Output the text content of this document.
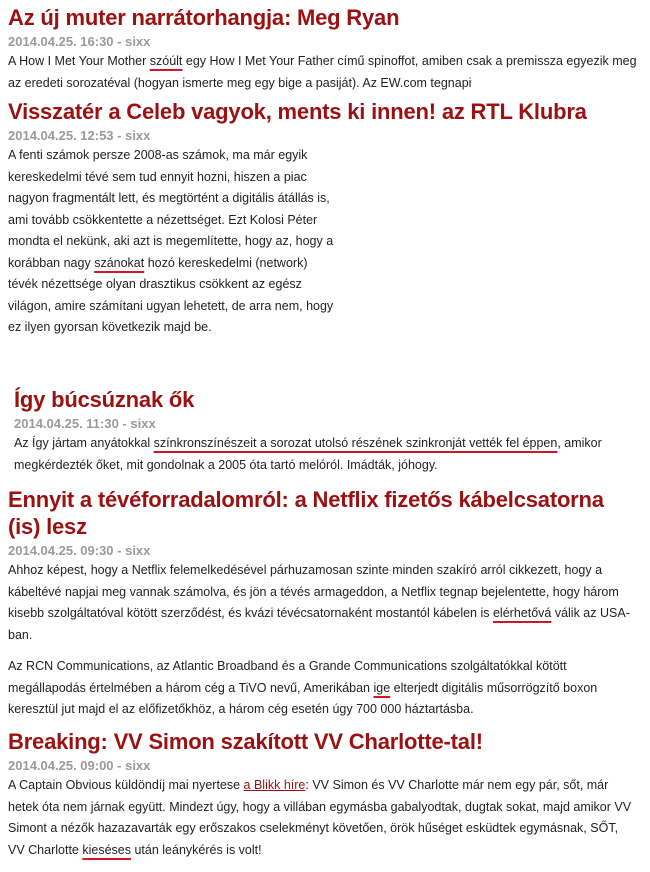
Az új muter narrátorhangja: Meg Ryan
2014.04.25. 16:30 - sixx

A How I Met Your Mother szóúlt egy How I Met Your Father című spinoffot, amiben csak a premissza egyezik meg az eredeti sorozatéval (hogyan ismerte meg egy bige a pasiját). Az EW.com tegnapi

Visszatér a Celeb vagyok, ments ki innen! az RTL Klubra
2014.04.25. 12:53 - sixx

A fenti számok persze 2008-as számok, ma már egyik kereskedelmi tévé sem tud ennyit hozni, hiszen a piac nagyon fragmentált lett, és megtörtént a digitális átállás is, ami tovább csökkentette a nézettséget. Ezt Kolosi Péter mondta el nekünk, aki azt is megemlítette, hogy az, hogy a korábban nagy szánokat hozó kereskedelmi (network) tévék nézettsége olyan drasztikus csökkent az egész világon, amire számítani ugyan lehetett, de arra nem, hogy ez ilyen gyorsan következik majd be.

Így búcsúznak ők
2014.04.25. 11:30 - sixx

Az Így jártam anyátokkal színkronszínészeit a sorozat utolsó részének szinkronját vették fel éppen, amikor megkérdezték őket, mit gondolnak a 2005 óta tartó melóról. Imádták, jóhogy.

Ennyit a tévéforradalomról: a Netflix fizetős kábelcsatorna (is) lesz
2014.04.25. 09:30 - sixx

Ahhoz képest, hogy a Netflix felemelkedésével párhuzamosan szinte minden szakíró arról cikkezett, hogy a kábeltévé napjai meg vannak számolva, és jön a tévés armageddon, a Netflix tegnap bejelentette, hogy három kisebb szolgáltatóval kötött szerződést, és kvázi tévécsatornaként mostantól kábelen is elérhetővá válik az USA-ban.

Az RCN Communications, az Atlantic Broadband és a Grande Communications szolgáltatókkal kötött megállapodás értelmében a három cég a TiVO nevű, Amerikában ige elterjedt digitális műsorrögzítő boxon keresztül jut majd el az előfizetőkhöz, a három cég esetén úgy 700 000 háztartásba.

Breaking: VV Simon szakított VV Charlotte-tal!
2014.04.25. 09:00 - sixx

A Captain Obvious küldöndíj mai nyertese a Blikk híre: VV Simon és VV Charlotte már nem egy pár, sőt, már hetek óta nem járnak együtt. Mindezt úgy, hogy a villában egymásba gabalyodtak, dugtak sokat, majd amikor VV Simont a nézők hazazavarták egy erőszakos cselekményt követően, örök hűséget esküdtek egymásnak, SŐT, VV Charlotte kieséses után leánykérés is volt!
